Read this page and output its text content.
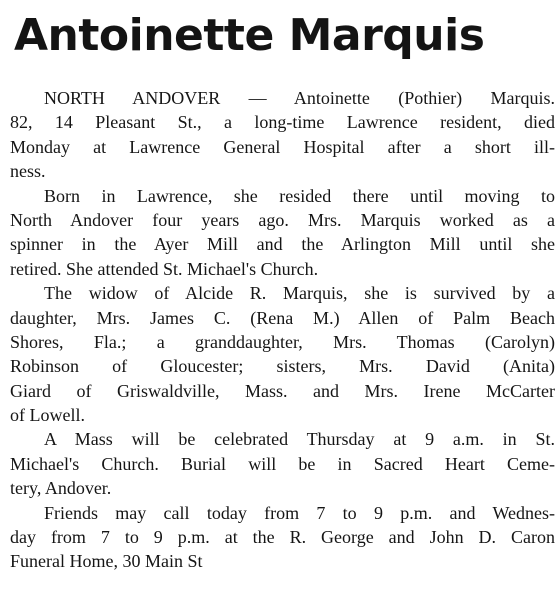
Antoinette Marquis
NORTH ANDOVER — Antoinette (Pothier) Marquis.
82, 14 Pleasant St., a long-time Lawrence resident, died
Monday at Lawrence General Hospital after a short ill-
ness.
Born in Lawrence, she resided there until moving to
North Andover four years ago. Mrs. Marquis worked as a
spinner in the Ayer Mill and the Arlington Mill until she
retired. She attended St. Michael's Church.
The widow of Alcide R. Marquis, she is survived by a
daughter, Mrs. James C. (Rena M.) Allen of Palm Beach
Shores, Fla.; a granddaughter, Mrs. Thomas (Carolyn)
Robinson of Gloucester; sisters, Mrs. David (Anita)
Giard of Griswaldville, Mass. and Mrs. Irene McCarter
of Lowell.
A Mass will be celebrated Thursday at 9 a.m. in St.
Michael's Church. Burial will be in Sacred Heart Ceme-
tery, Andover.
Friends may call today from 7 to 9 p.m. and Wednes-
day from 7 to 9 p.m. at the R. George and John D. Caron
Funeral Home, 30 Main St
